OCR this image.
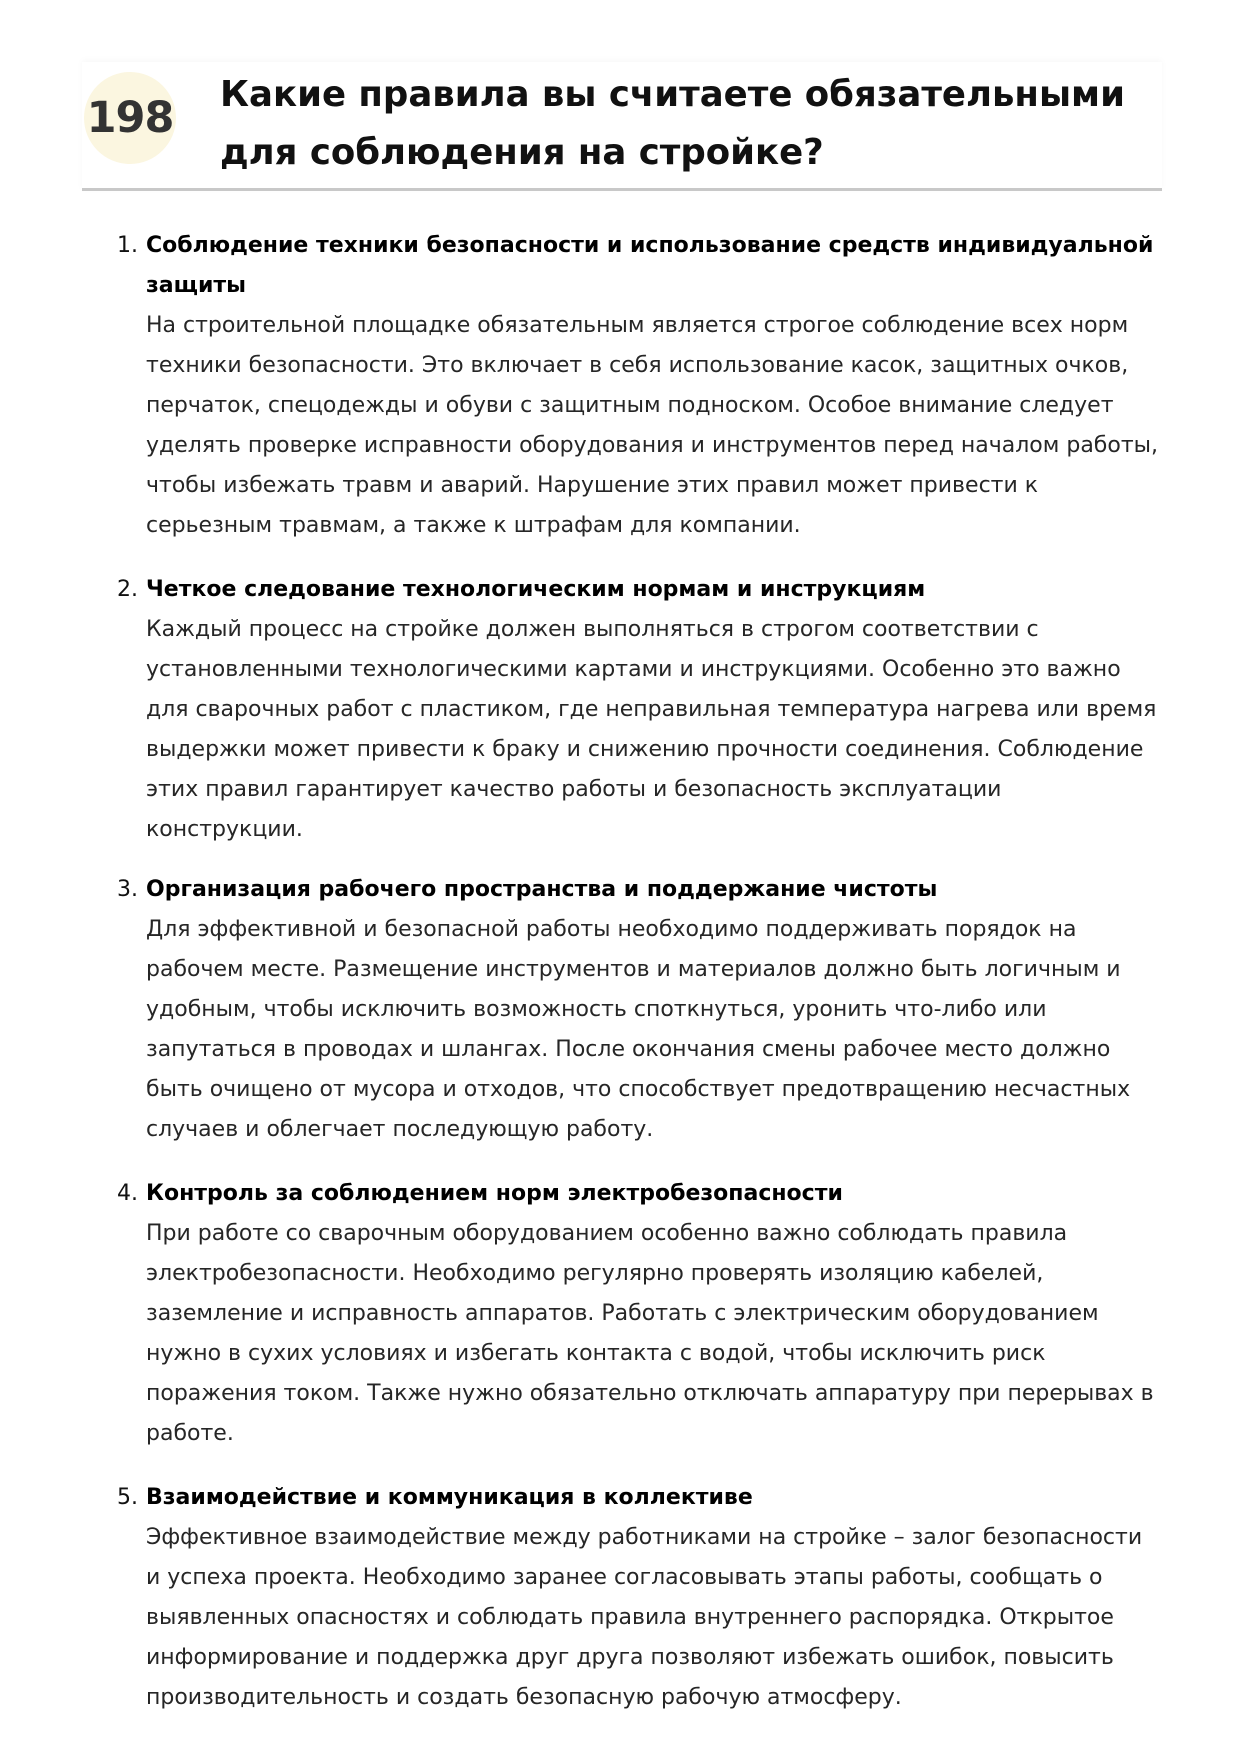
198 Какие правила вы считаете обязательными для соблюдения на стройке?
1. Соблюдение техники безопасности и использование средств индивидуальной защиты
На строительной площадке обязательным является строгое соблюдение всех норм техники безопасности. Это включает в себя использование касок, защитных очков, перчаток, спецодежды и обуви с защитным подноском. Особое внимание следует уделять проверке исправности оборудования и инструментов перед началом работы, чтобы избежать травм и аварий. Нарушение этих правил может привести к серьезным травмам, а также к штрафам для компании.
2. Четкое следование технологическим нормам и инструкциям
Каждый процесс на стройке должен выполняться в строгом соответствии с установленными технологическими картами и инструкциями. Особенно это важно для сварочных работ с пластиком, где неправильная температура нагрева или время выдержки может привести к браку и снижению прочности соединения. Соблюдение этих правил гарантирует качество работы и безопасность эксплуатации конструкции.
3. Организация рабочего пространства и поддержание чистоты
Для эффективной и безопасной работы необходимо поддерживать порядок на рабочем месте. Размещение инструментов и материалов должно быть логичным и удобным, чтобы исключить возможность споткнуться, уронить что-либо или запутаться в проводах и шлангах. После окончания смены рабочее место должно быть очищено от мусора и отходов, что способствует предотвращению несчастных случаев и облегчает последующую работу.
4. Контроль за соблюдением норм электробезопасности
При работе со сварочным оборудованием особенно важно соблюдать правила электробезопасности. Необходимо регулярно проверять изоляцию кабелей, заземление и исправность аппаратов. Работать с электрическим оборудованием нужно в сухих условиях и избегать контакта с водой, чтобы исключить риск поражения током. Также нужно обязательно отключать аппаратуру при перерывах в работе.
5. Взаимодействие и коммуникация в коллективе
Эффективное взаимодействие между работниками на стройке – залог безопасности и успеха проекта. Необходимо заранее согласовывать этапы работы, сообщать о выявленных опасностях и соблюдать правила внутреннего распорядка. Открытое информирование и поддержка друг друга позволяют избежать ошибок, повысить производительность и создать безопасную рабочую атмосферу.
